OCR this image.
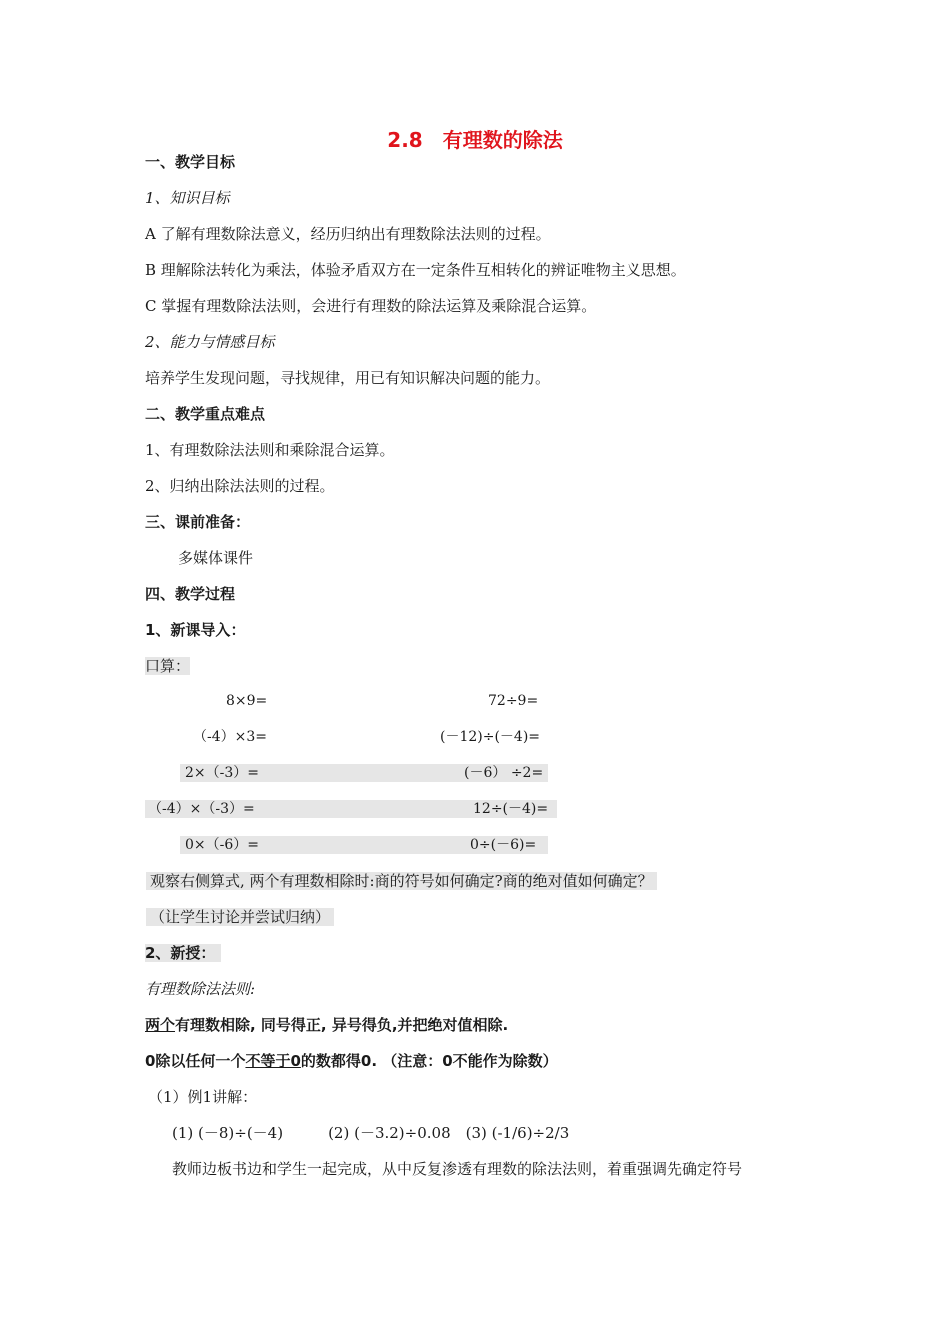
2.8　有理数的除法
一、教学目标
1、知识目标
A 了解有理数除法意义，经历归纳出有理数除法法则的过程。
B 理解除法转化为乘法，体验矛盾双方在一定条件互相转化的辨证唯物主义思想。
C 掌握有理数除法法则，会进行有理数的除法运算及乘除混合运算。
2、能力与情感目标
培养学生发现问题，寻找规律，用已有知识解决问题的能力。
二、教学重点难点
1、有理数除法法则和乘除混合运算。
2、归纳出除法法则的过程。
三、课前准备：
多媒体课件
四、教学过程
1、新课导入：
口算：
8×9=
（-4）×3=
2×（-3）=
（-4）×（-3）=
0×（-6）=
72÷9=
(－12)÷(－4)=
(－6） ÷2=
12÷(－4)=
0÷(－6)=
观察右侧算式, 两个有理数相除时:商的符号如何确定?商的绝对值如何确定？
（让学生讨论并尝试归纳）
2、新授：
有理数除法法则:
两个有理数相除, 同号得正, 异号得负,并把绝对值相除.
0除以任何一个不等于0的数都得0. （注意：0不能作为除数）
（1）例1讲解：
(1) (－8)÷(－4)　　　(2) (－3.2)÷0.08　(3) (-1/6)÷2/3
教师边板书边和学生一起完成，从中反复渗透有理数的除法法则，着重强调先确定符号
